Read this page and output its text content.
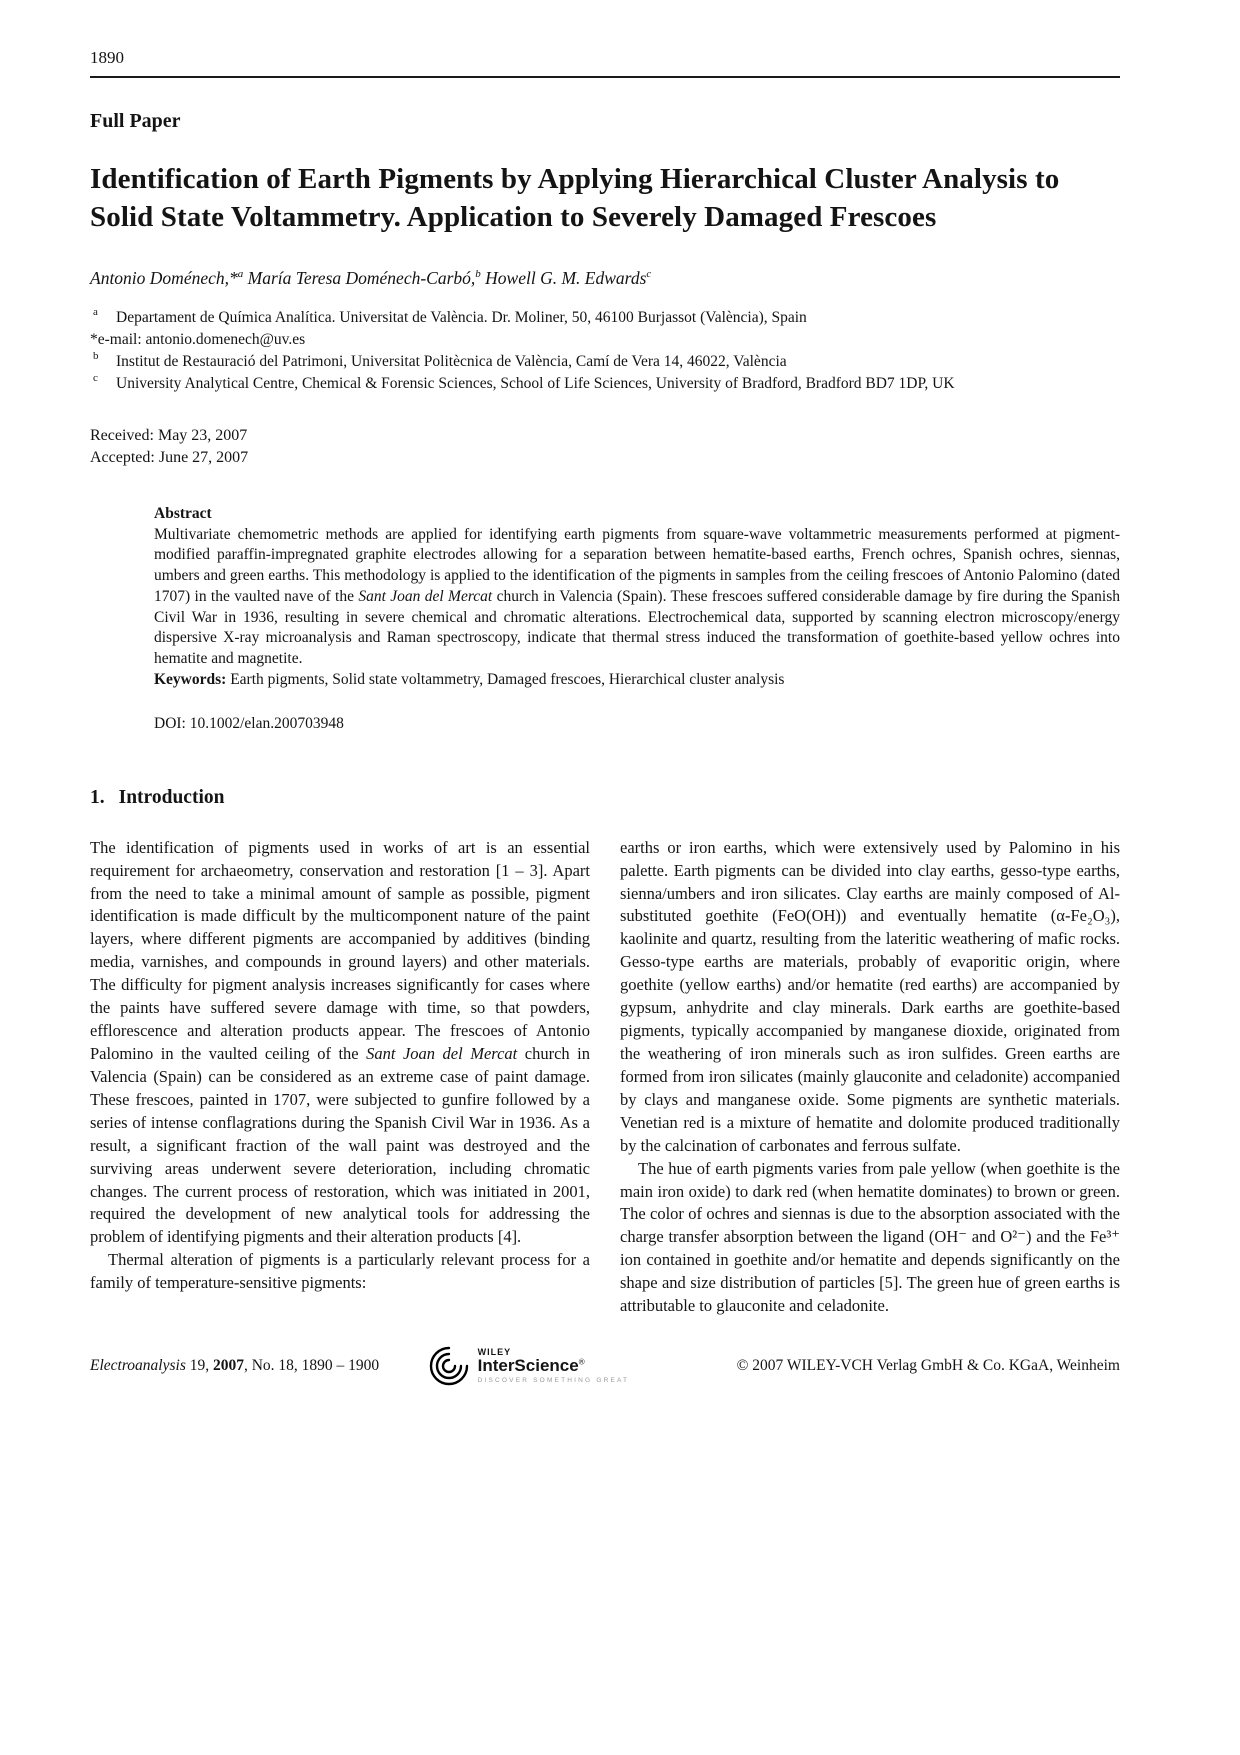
1890
Full Paper
Identification of Earth Pigments by Applying Hierarchical Cluster Analysis to Solid State Voltammetry. Application to Severely Damaged Frescoes

Antonio Doménech,*$^a$ María Teresa Doménech-Carbó,$^b$ Howell G. M. Edwards$^c$

a Departament de Química Analítica. Universitat de València. Dr. Moliner, 50, 46100 Burjassot (València), Spain
*e-mail: antonio.domenech@uv.es
b Institut de Restauració del Patrimoni, Universitat Politècnica de València, Camí de Vera 14, 46022, València
c University Analytical Centre, Chemical & Forensic Sciences, School of Life Sciences, University of Bradford, Bradford BD7 1DP, UK

Received: May 23, 2007

Accepted: June 27, 2007

Abstract

Multivariate chemometric methods are applied for identifying earth pigments from square-wave voltammetric measurements performed at pigment-modified paraffin-impregnated graphite electrodes allowing for a separation between hematite-based earths, French ochres, Spanish ochres, siennas, umbers and green earths. This methodology is applied to the identification of the pigments in samples from the ceiling frescoes of Antonio Palomino (dated 1707) in the vaulted nave of the Sant Joan del Mercat church in Valencia (Spain). These frescoes suffered considerable damage by fire during the Spanish Civil War in 1936, resulting in severe chemical and chromatic alterations. Electrochemical data, supported by scanning electron microscopy/energy dispersive X-ray microanalysis and Raman spectroscopy, indicate that thermal stress induced the transformation of goethite-based yellow ochres into hematite and magnetite.

Keywords: Earth pigments, Solid state voltammetry, Damaged frescoes, Hierarchical cluster analysis

DOI: 10.1002/elan.200703948

1. Introduction

The identification of pigments used in works of art is an essential requirement for archaeometry, conservation and restoration [1 – 3]. Apart from the need to take a minimal amount of sample as possible, pigment identification is made difficult by the multicomponent nature of the paint layers, where different pigments are accompanied by additives (binding media, varnishes, and compounds in ground layers) and other materials. The difficulty for pigment analysis increases significantly for cases where the paints have suffered severe damage with time, so that powders, efflorescence and alteration products appear. The frescoes of Antonio Palomino in the vaulted ceiling of the Sant Joan del Mercat church in Valencia (Spain) can be considered as an extreme case of paint damage. These frescoes, painted in 1707, were subjected to gunfire followed by a series of intense conflagrations during the Spanish Civil War in 1936. As a result, a significant fraction of the wall paint was destroyed and the surviving areas underwent severe deterioration, including chromatic changes. The current process of restoration, which was initiated in 2001, required the development of new analytical tools for addressing the problem of identifying pigments and their alteration products [4].

Thermal alteration of pigments is a particularly relevant process for a family of temperature-sensitive pigments:

earths or iron earths, which were extensively used by Palomino in his palette. Earth pigments can be divided into clay earths, gesso-type earths, sienna/umbers and iron silicates. Clay earths are mainly composed of Al-substituted goethite (FeO(OH)) and eventually hematite (α-Fe₂O₃), kaolinite and quartz, resulting from the lateritic weathering of mafic rocks. Gesso-type earths are materials, probably of evaporitic origin, where goethite (yellow earths) and/or hematite (red earths) are accompanied by gypsum, anhydrite and clay minerals. Dark earths are goethite-based pigments, typically accompanied by manganese dioxide, originated from the weathering of iron minerals such as iron sulfides. Green earths are formed from iron silicates (mainly glauconite and celadonite) accompanied by clays and manganese oxide. Some pigments are synthetic materials. Venetian red is a mixture of hematite and dolomite produced traditionally by the calcination of carbonates and ferrous sulfate.

The hue of earth pigments varies from pale yellow (when goethite is the main iron oxide) to dark red (when hematite dominates) to brown or green. The color of ochres and siennas is due to the absorption associated with the charge transfer absorption between the ligand (OH⁻ and O²⁻) and the Fe³⁺ ion contained in goethite and/or hematite and depends significantly on the shape and size distribution of particles [5]. The green hue of green earths is attributable to glauconite and celadonite.

Electroanalysis 19, 2007, No. 18, 1890 – 1900
WILEY
InterScience®
DISCOVER SOMETHING GREAT
© 2007 WILEY-VCH Verlag GmbH & Co. KGaA, Weinheim
